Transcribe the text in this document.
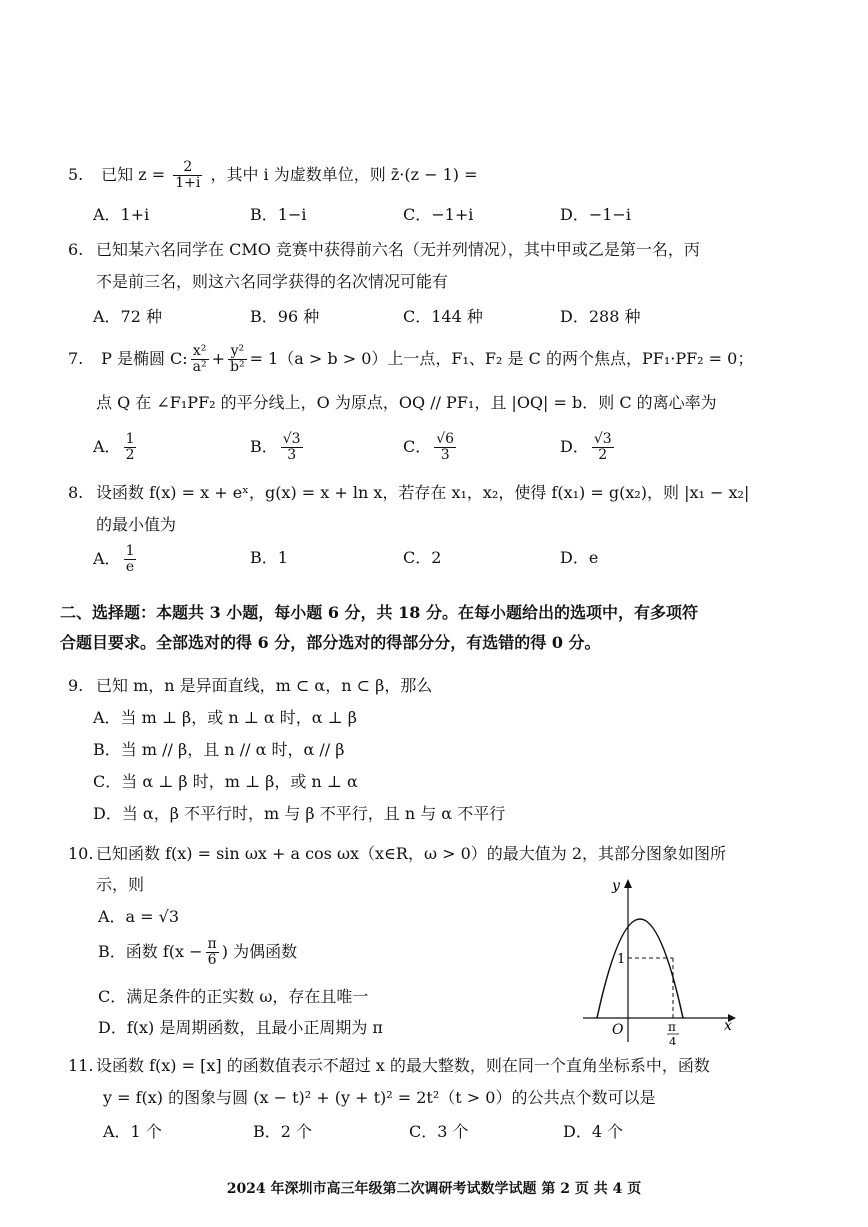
5. 已知 $z = \frac{2}{1+i}$ ，其中 i 为虚数单位，则 z̄·(z − 1) =
A．1+i	B．1−i	C．−1+i	D．−1−i
6. 已知某六名同学在 CMO 竞赛中获得前六名（无并列情况），其中甲或乙是第一名，丙
不是前三名，则这六名同学获得的名次情况可能有
A．72 种	B．96 种	C．144 种	D．288 种
7. P 是椭圆 C: $\frac{\text{x²}}{\text{a²}} + \frac{\text{y²}}{\text{b²}} = 1(a > b > 0)$上一点，F₁、F₂ 是 C 的两个焦点，PF₁·PF₂ = 0；
点 Q 在 ∠F₁PF₂ 的平分线上，O 为原点，OQ // PF₁，且 |OQ| = b．则 C 的离心率为
A． $\frac{1}{2}$	B． $\frac{√3}{3}$	C． $\frac{√6}{3}$	D． $\frac{√3}{2}$
8. 设函数 f(x) = x + eˣ，g(x) = x + ln x，若存在 x₁，x₂，使得 f(x₁) = g(x₂)，则 |x₁ − x₂|
的最小值为
A． $\frac{1}{e}$	B．1	C．2	D．e
二、选择题：本题共 3 小题，每小题 6 分，共 18 分。在每小题给出的选项中，有多项符
合题目要求。全部选对的得 6 分，部分选对的得部分分，有选错的得 0 分。
9. 已知 m，n 是异面直线，m ⊂ α，n ⊂ β，那么
A．当 m ⊥ β，或 n ⊥ α 时，α ⊥ β
B．当 m // β，且 n // α 时，α // β
C．当 α ⊥ β 时，m ⊥ β，或 n ⊥ α
D．当 α，β 不平行时，m 与 β 不平行，且 n 与 α 不平行
10. 已知函数 f(x) = sin ωx + a cos ωx（x∈R，ω > 0）的最大值为 2，其部分图象如图所
示，则
A．a = √3
B．函数 $f(x - \frac{\pi}{6}$ ) 为偶函数
C．满足条件的正实数 ω，存在且唯一
D．f(x) 是周期函数，且最小正周期为 π
y
x
O
1
π
4
11. 设函数 f(x) = [x] 的函数值表示不超过 x 的最大整数，则在同一个直角坐标系中，函数
y = f(x) 的图象与圆 (x − t)² + (y + t)² = 2t²（t > 0）的公共点个数可以是
A．1 个	B．2 个	C．3 个	D．4 个
2024 年深圳市高三年级第二次调研考试数学试题 第 2 页 共 4 页
